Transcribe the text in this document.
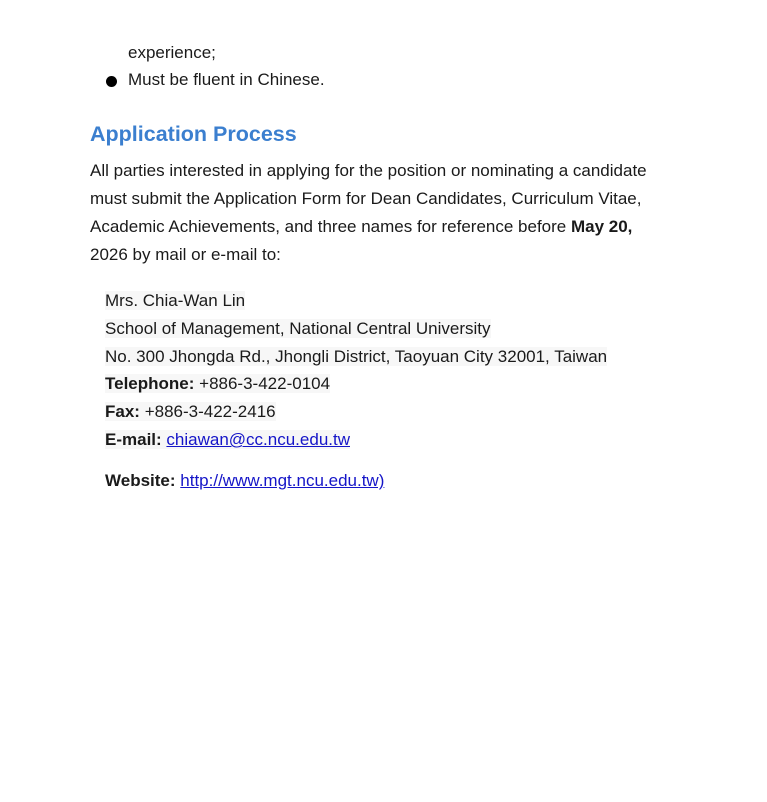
experience;
Must be fluent in Chinese.
Application Process
All parties interested in applying for the position or nominating a candidate
must submit the Application Form for Dean Candidates, Curriculum Vitae,
Academic Achievements, and three names for reference before May 20,
2026 by mail or e-mail to:
Mrs. Chia-Wan Lin
School of Management, National Central University
No. 300 Jhongda Rd., Jhongli District, Taoyuan City 32001, Taiwan
Telephone: +886-3-422-0104
Fax: +886-3-422-2416
E-mail: chiawan@cc.ncu.edu.tw
Website: http://www.mgt.ncu.edu.tw)
